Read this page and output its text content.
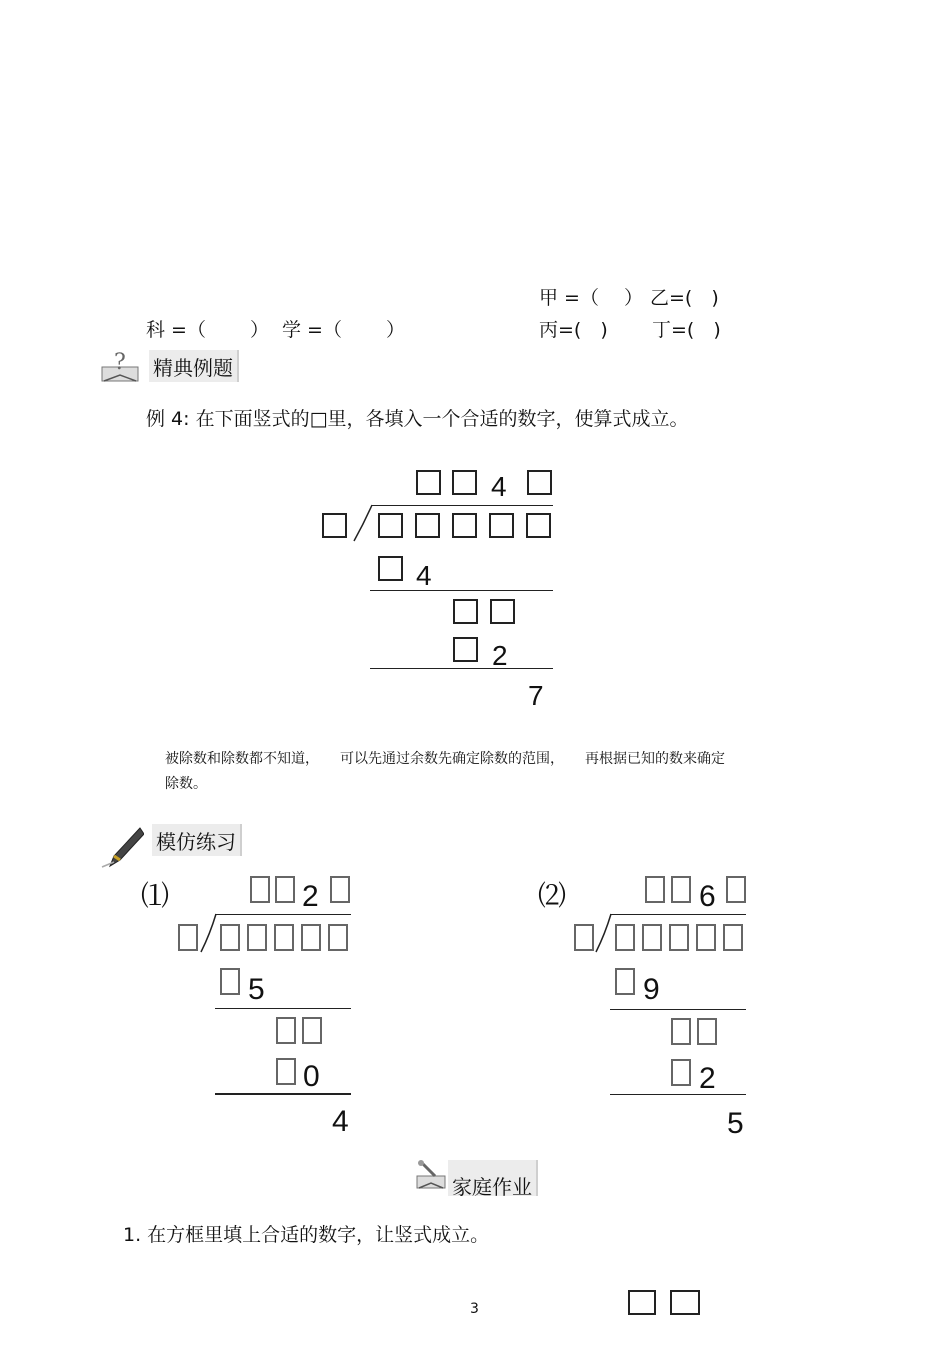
甲 =（　 ） 乙=(　)
科 =（　　 ） 学 =（　　 ）	丙=(　) 丁=(　)
? 精典例题
例 4: 在下面竖式的□里，各填入一个合适的数字，使算式成立。
4
4
2
7
被除数和除数都不知道，　　可以先通过余数先确定除数的范围，　　再根据已知的数来确定
除数。
模仿练习
⑴	2
5
0
4
⑵	6
9
2
5
家庭作业
1. 在方框里填上合适的数字，让竖式成立。
3
